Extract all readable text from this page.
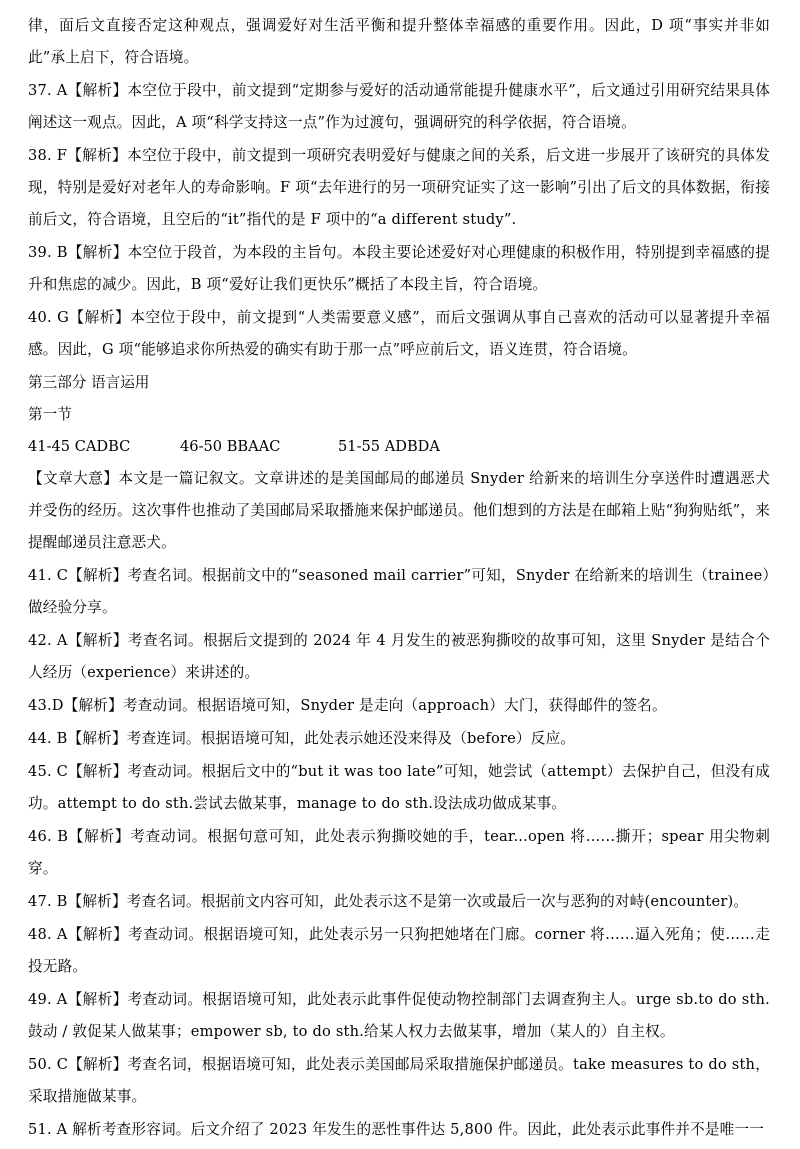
律，面后文直接否定这种观点，强调爱好对生活平衡和提升整体幸福感的重要作用。因此，D 项“事实并非如此”承上启下，符合语境。

37. A【解析】本空位于段中，前文提到“定期参与爱好的活动通常能提升健康水平”，后文通过引用研究结果具体阐述这一观点。因此，A 项“科学支持这一点”作为过渡句，强调研究的科学依据，符合语境。

38. F【解析】本空位于段中，前文提到一项研究表明爱好与健康之间的关系，后文进一步展开了该研究的具体发现，特别是爱好对老年人的寿命影响。F 项“去年进行的另一项研究证实了这一影响”引出了后文的具体数据，衔接前后文，符合语境，且空后的“it”指代的是 F 项中的“a different study”.

39. B【解析】本空位于段首，为本段的主旨句。本段主要论述爱好对心理健康的积极作用，特别提到幸福感的提升和焦虑的减少。因此，B 项“爱好让我们更快乐”概括了本段主旨，符合语境。

40. G【解析】本空位于段中，前文提到“人类需要意义感”，而后文强调从事自己喜欢的活动可以显著提升幸福感。因此，G 项“能够追求你所热爱的确实有助于那一点”呼应前后文，语义连贯，符合语境。

第三部分 语言运用

第一节

41-45 CADBC	46-50 BBAAC	51-55 ADBDA

【文章大意】本文是一篇记叙文。文章讲述的是美国邮局的邮递员 Snyder 给新来的培训生分享送件时遭遇恶犬并受伤的经历。这次事件也推动了美国邮局采取播施来保护邮递员。他们想到的方法是在邮箱上贴“狗狗贴纸”，来提醒邮递员注意恶犬。

41. C【解析】考查名词。根据前文中的“seasoned mail carrier”可知，Snyder 在给新来的培训生（trainee）做经验分享。

42. A【解析】考查名词。根据后文提到的 2024 年 4 月发生的被恶狗撕咬的故事可知，这里 Snyder 是结合个人经历（experience）来讲述的。

43.D【解析】考查动词。根据语境可知，Snyder 是走向（approach）大门，获得邮件的签名。

44. B【解析】考查连词。根据语境可知，此处表示她还没来得及（before）反应。

45. C【解析】考查动词。根据后文中的“but it was too late”可知，她尝试（attempt）去保护自己，但没有成功。attempt to do sth.尝试去做某事，manage to do sth.设法成功做成某事。

46. B【解析】考查动词。根据句意可知，此处表示狗撕咬她的手，tear...open 将……撕开；spear 用尖物刺穿。

47. B【解析】考查名词。根据前文内容可知，此处表示这不是第一次或最后一次与恶狗的对峙(encounter)。

48. A【解析】考查动词。根据语境可知，此处表示另一只狗把她堵在门廊。corner 将……逼入死角；使……走投无路。

49. A【解析】考查动词。根据语境可知，此处表示此事件促使动物控制部门去调查狗主人。urge sb.to do sth.鼓动 / 敦促某人做某事；empower sb, to do sth.给某人权力去做某事，增加（某人的）自主权。

50. C【解析】考查名词，根据语境可知，此处表示美国邮局采取措施保护邮递员。take measures to do sth，采取措施做某事。

51. A 解析考查形容词。后文介绍了 2023 年发生的恶性事件达 5,800 件。因此，此处表示此事件并不是唯一一
